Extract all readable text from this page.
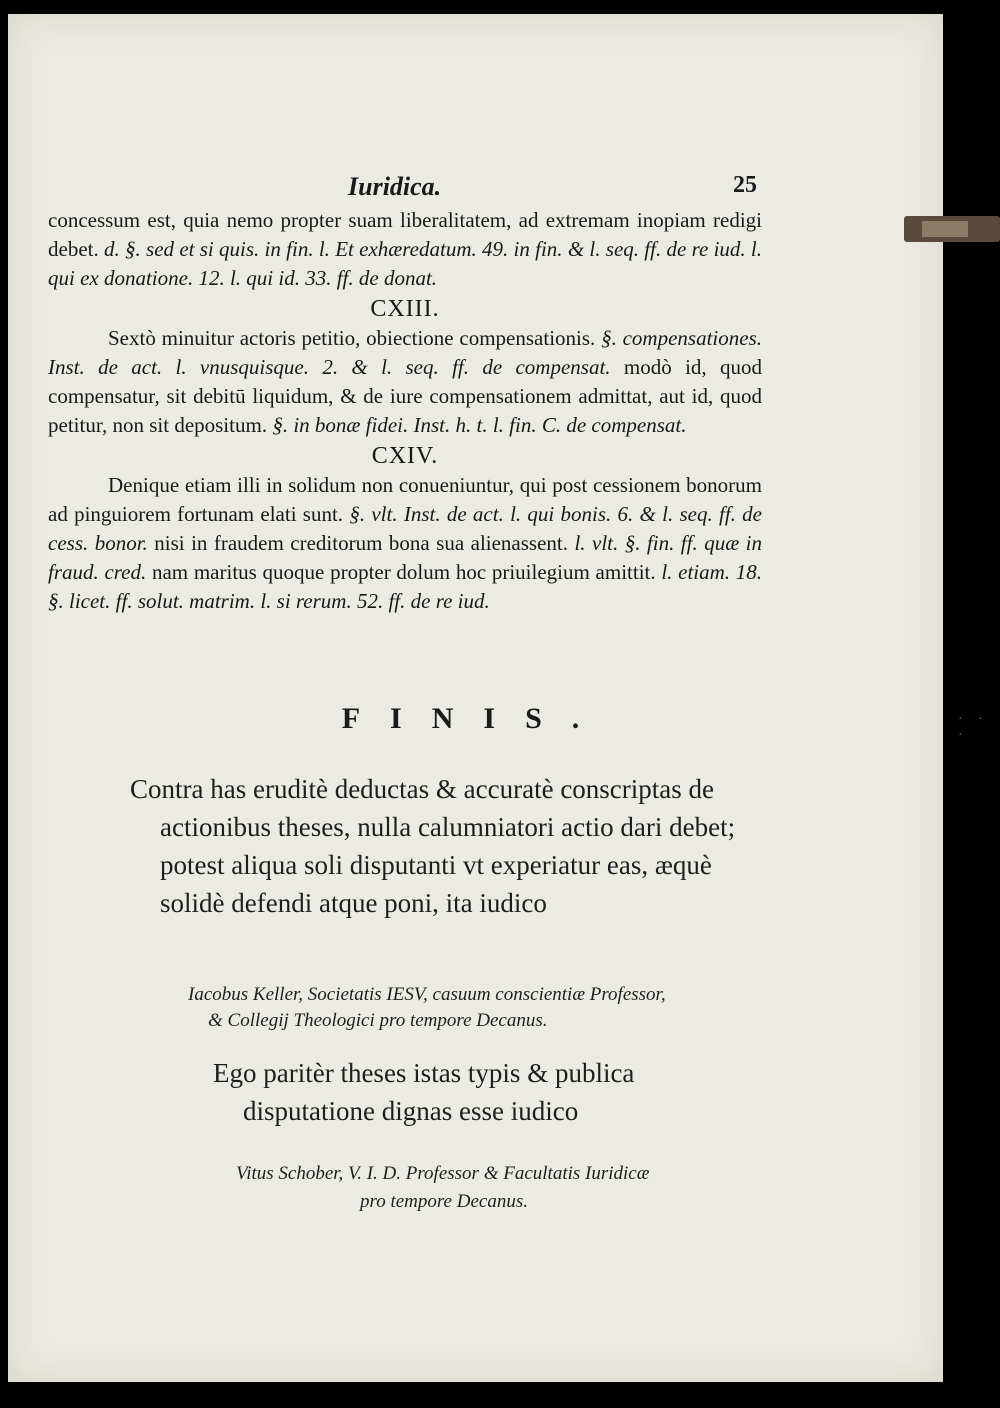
Iuridica.	25

concessum est, quia nemo propter suam liberalitatem, ad extremam inopiam redigi debet. d. §. sed et si quis. in fin. l. Et exhæredatum. 49. in fin. & l. seq. ff. de re iud. l. qui ex donatione. 12. l. qui id. 33. ff. de donat.

CXIII.

Sextò minuitur actoris petitio, obiectione compensationis. §. compensationes. Inst. de act. l. vnusquisque. 2. & l. seq. ff. de compensat. modò id, quod compensatur, sit debitū liquidum, & de iure compensationem admittat, aut id, quod petitur, non sit depositum. §. in bonæ fidei. Inst. h. t. l. fin. C. de compensat.

CXIV.

Denique etiam illi in solidum non conueniuntur, qui post cessionem bonorum ad pinguiorem fortunam elati sunt. §. vlt. Inst. de act. l. qui bonis. 6. & l. seq. ff. de cess. bonor. nisi in fraudem creditorum bona sua alienassent. l. vlt. §. fin. ff. quæ in fraud. cred. nam maritus quoque propter dolum hoc priuilegium amittit. l. etiam. 18. §. licet. ff. solut. matrim. l. si rerum. 52. ff. de re iud.

FINIS.

Contra has eruditè deductas & accuratè conscriptas de actionibus theses, nulla calumniatori actio dari debet; potest aliqua soli disputanti vt experiatur eas, æquè solidè defendi atque poni, ita iudico

Iacobus Keller, Societatis IESV, casuum conscientiæ Professor,
& Collegij Theologici pro tempore Decanus.

Ego paritèr theses istas typis & publica disputatione dignas esse iudico

Vitus Schober, V. I. D. Professor & Facultatis Iuridicæ
pro tempore Decanus.
· · ·
